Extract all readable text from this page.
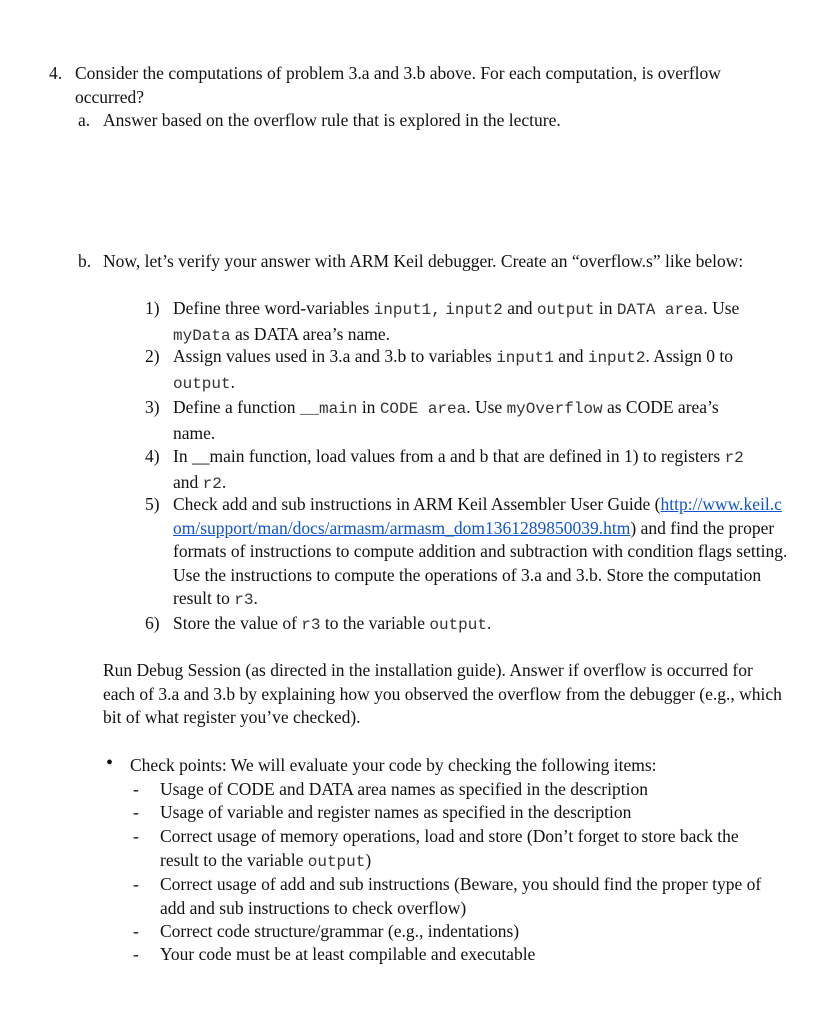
4. Consider the computations of problem 3.a and 3.b above. For each computation, is overflow occurred?
a. Answer based on the overflow rule that is explored in the lecture.
b. Now, let’s verify your answer with ARM Keil debugger. Create an “overflow.s” like below:
1) Define three word-variables input1, input2 and output in DATA area. Use myData as DATA area’s name.
2) Assign values used in 3.a and 3.b to variables input1 and input2. Assign 0 to output.
3) Define a function __main in CODE area. Use myOverflow as CODE area’s name.
4) In __main function, load values from a and b that are defined in 1) to registers r2 and r2.
5) Check add and sub instructions in ARM Keil Assembler User Guide (http://www.keil.com/support/man/docs/armasm/armasm_dom1361289850039.htm) and find the proper formats of instructions to compute addition and subtraction with condition flags setting. Use the instructions to compute the operations of 3.a and 3.b. Store the computation result to r3.
6) Store the value of r3 to the variable output.
Run Debug Session (as directed in the installation guide). Answer if overflow is occurred for each of 3.a and 3.b by explaining how you observed the overflow from the debugger (e.g., which bit of what register you’ve checked).
• Check points: We will evaluate your code by checking the following items:
- Usage of CODE and DATA area names as specified in the description
- Usage of variable and register names as specified in the description
- Correct usage of memory operations, load and store (Don’t forget to store back the result to the variable output)
- Correct usage of add and sub instructions (Beware, you should find the proper type of add and sub instructions to check overflow)
- Correct code structure/grammar (e.g., indentations)
- Your code must be at least compilable and executable
